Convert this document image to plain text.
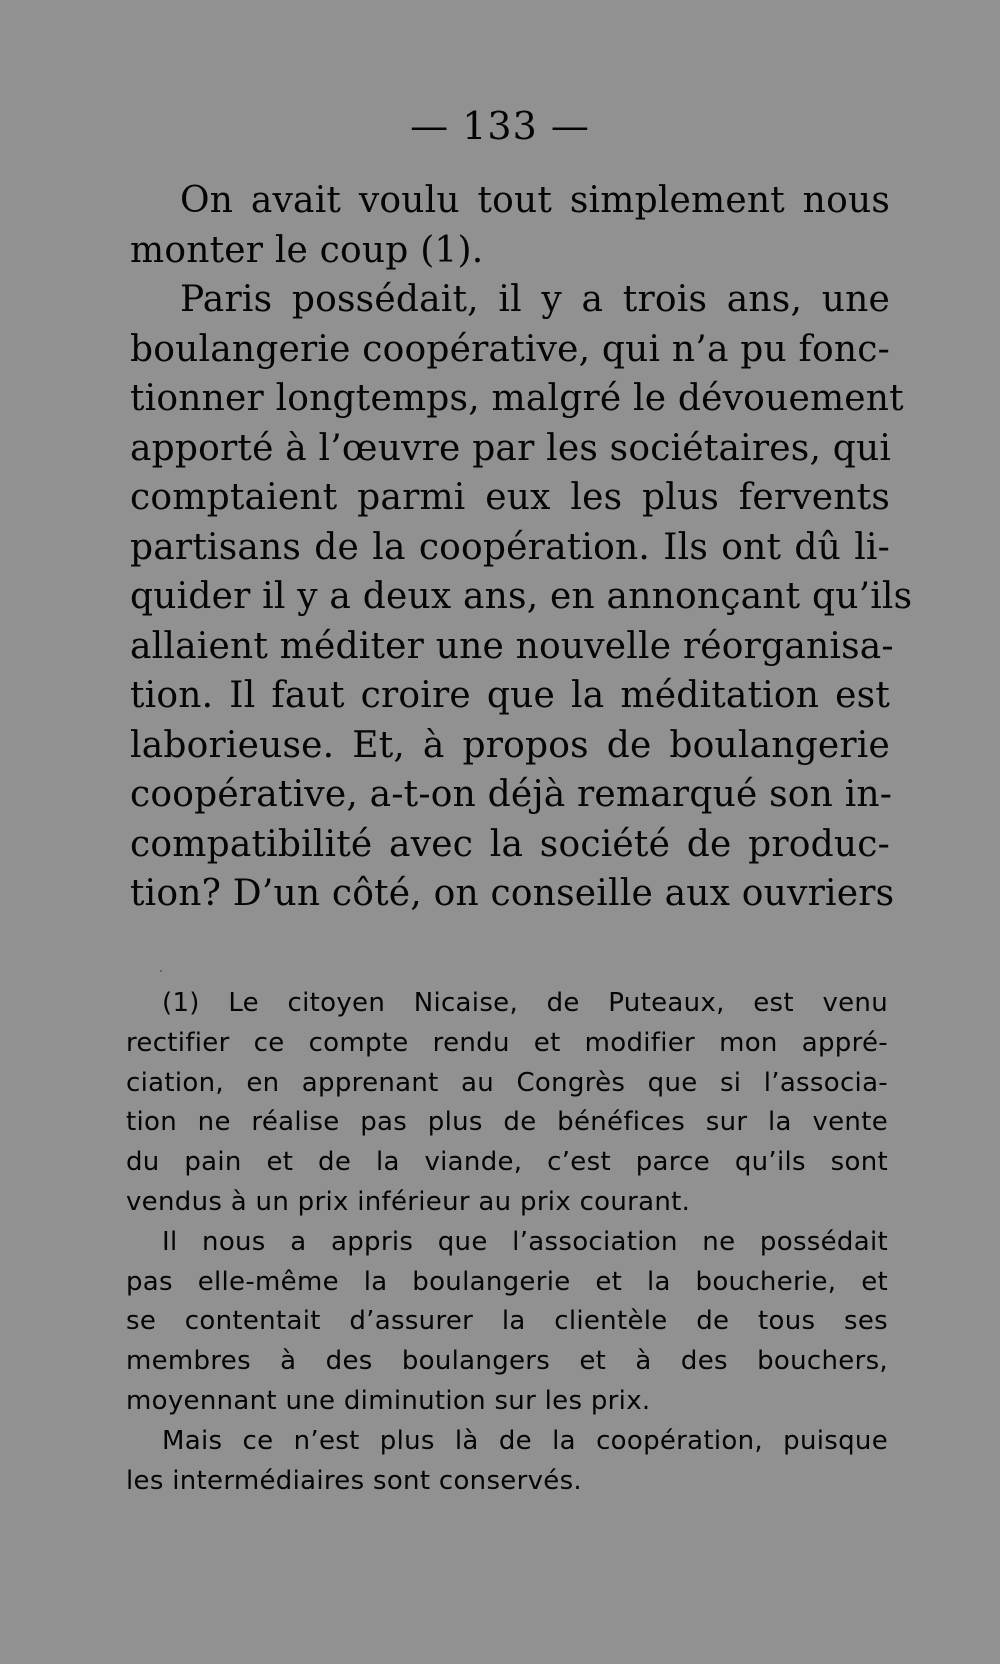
— 133 —
On avait voulu tout simplement nous
monter le coup (1).
Paris possédait, il y a trois ans, une
boulangerie coopérative, qui n’a pu fonc-
tionner longtemps, malgré le dévouement
apporté à l’œuvre par les sociétaires, qui
comptaient parmi eux les plus fervents
partisans de la coopération. Ils ont dû li-
quider il y a deux ans, en annonçant qu’ils
allaient méditer une nouvelle réorganisa-
tion. Il faut croire que la méditation est
laborieuse. Et, à propos de boulangerie
coopérative, a-t-on déjà remarqué son in-
compatibilité avec la société de produc-
tion? D’un côté, on conseille aux ouvriers
(1) Le citoyen Nicaise, de Puteaux, est venu
rectifier ce compte rendu et modifier mon appré-
ciation, en apprenant au Congrès que si l’associa-
tion ne réalise pas plus de bénéfices sur la vente
du pain et de la viande, c’est parce qu’ils sont
vendus à un prix inférieur au prix courant.
Il nous a appris que l’association ne possédait
pas elle-même la boulangerie et la boucherie, et
se contentait d’assurer la clientèle de tous ses
membres à des boulangers et à des bouchers,
moyennant une diminution sur les prix.
Mais ce n’est plus là de la coopération, puisque
les intermédiaires sont conservés.
